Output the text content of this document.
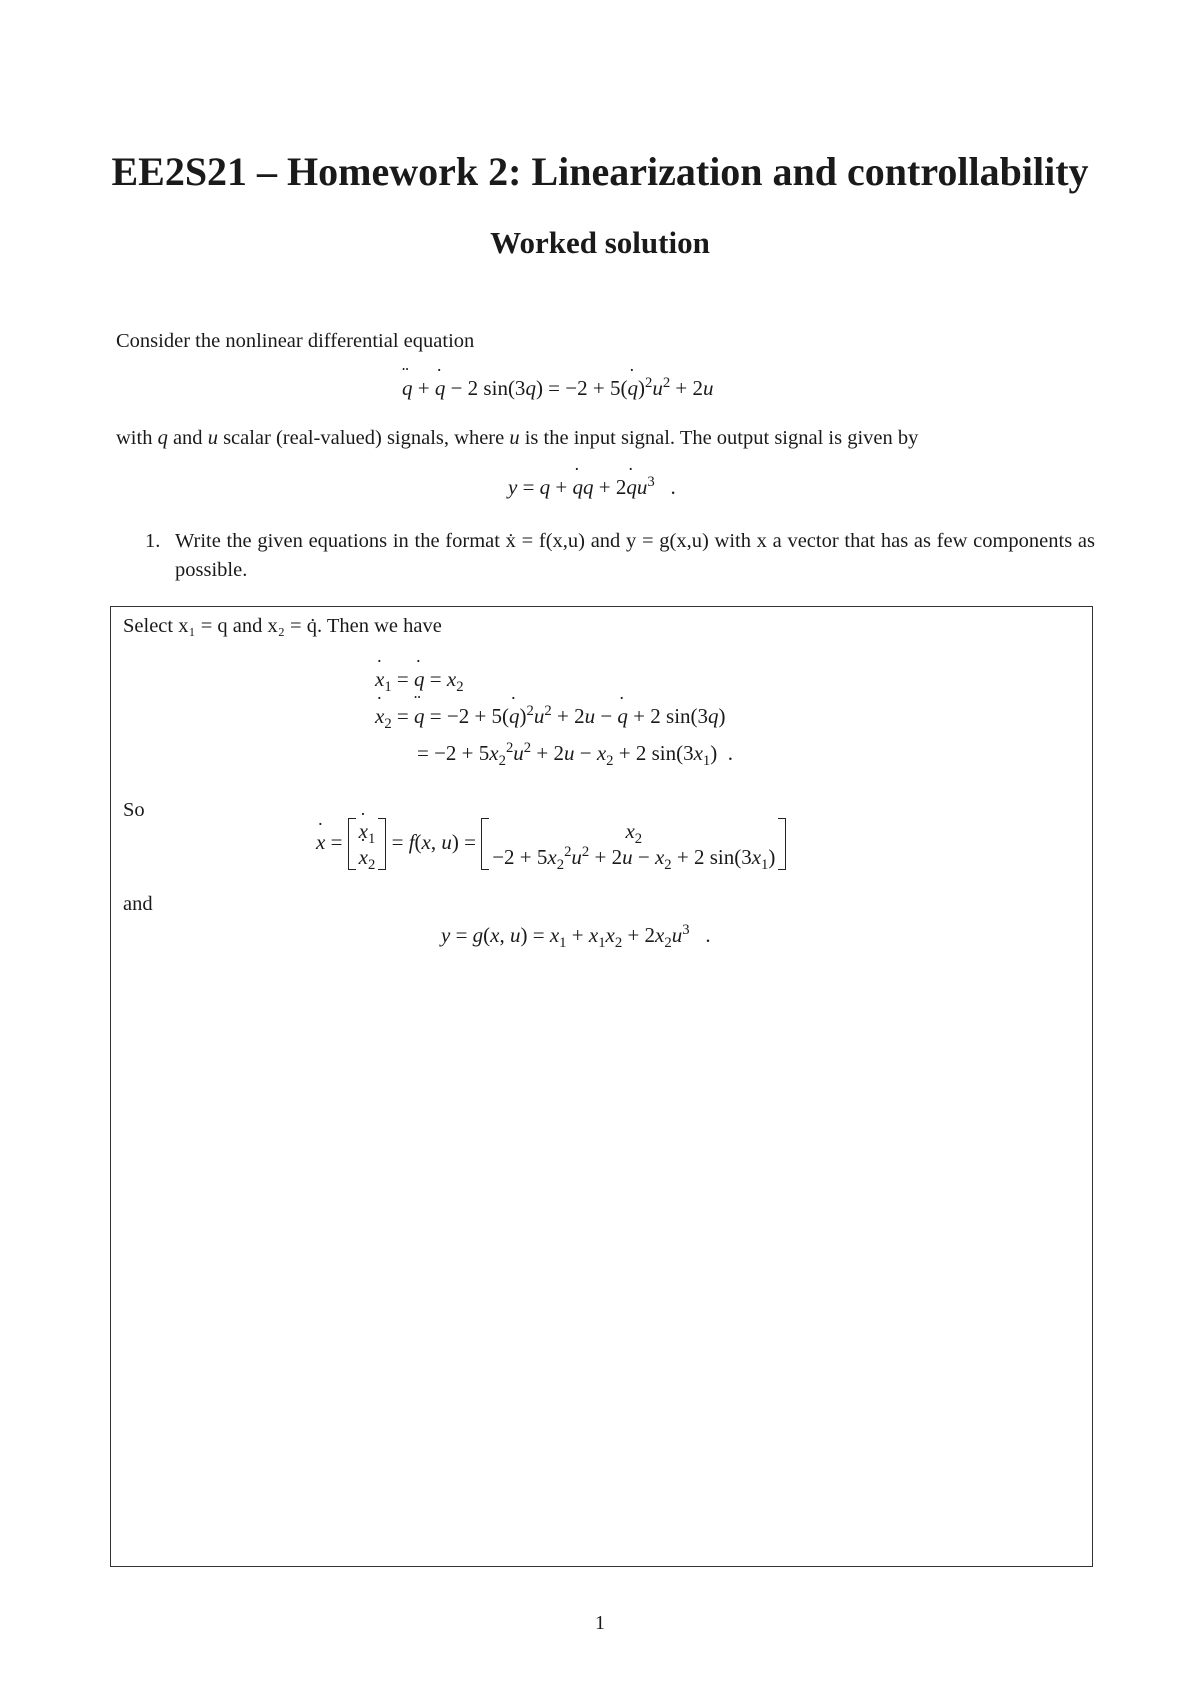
EE2S21 – Homework 2: Linearization and controllability
Worked solution
Consider the nonlinear differential equation
q ¨ + q ˙ − 2 sin(3q) = −2 + 5(q $˙)^2u^2 + 2u$
with q and u scalar (real-valued) signals, where u is the input signal. The output signal is given by
y = q + q ˙q + 2q $˙u^3$   .
1. Write the given equations in the format ẋ = f(x,u) and y = g(x,u) with x a vector that has as few components as possible.
Select x₁ = q and x₂ = q̇. Then we have
x $˙_1 = q$ ˙ = $x_2$
x $˙_2 = q$ ¨ = −2 + 5(q $˙)^2u^2 + 2u - q$ ˙ + 2 sin(3q)
= $-2 + 5x_2^2u^2 + 2u - x_2 + 2$ $\sin(3x_1)$  .
So
x ˙ = x $˙_1$
x $˙_2 = f(x$, u) =	$x_2$
$-2 + 5x_2^2u^2 + 2u - x_2 + 2$ $\sin(3x_1)$
and
y = g(x, $u) = x_1 + x_1x_2 + 2x_2u^3$   .
1
